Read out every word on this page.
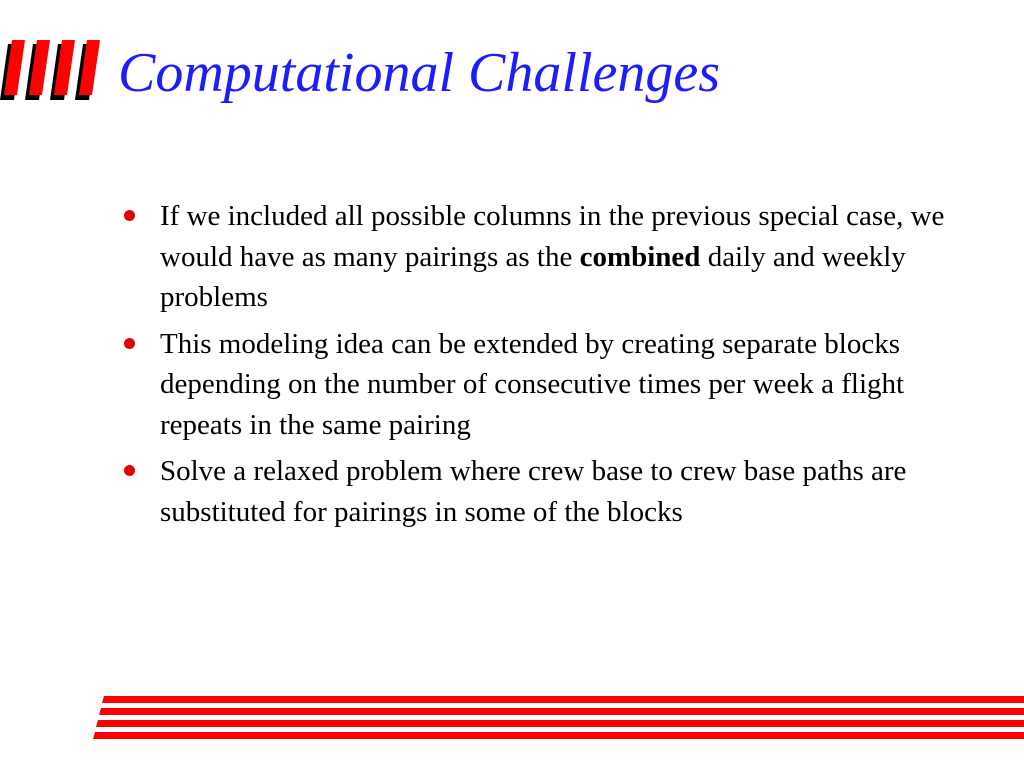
Computational Challenges
If we included all possible columns in the previous special case, we would have as many pairings as the combined daily and weekly problems
This modeling idea can be extended by creating separate blocks depending on the number of consecutive times per week a flight repeats in the same pairing
Solve a relaxed problem where crew base to crew base paths are substituted for pairings in some of the blocks
